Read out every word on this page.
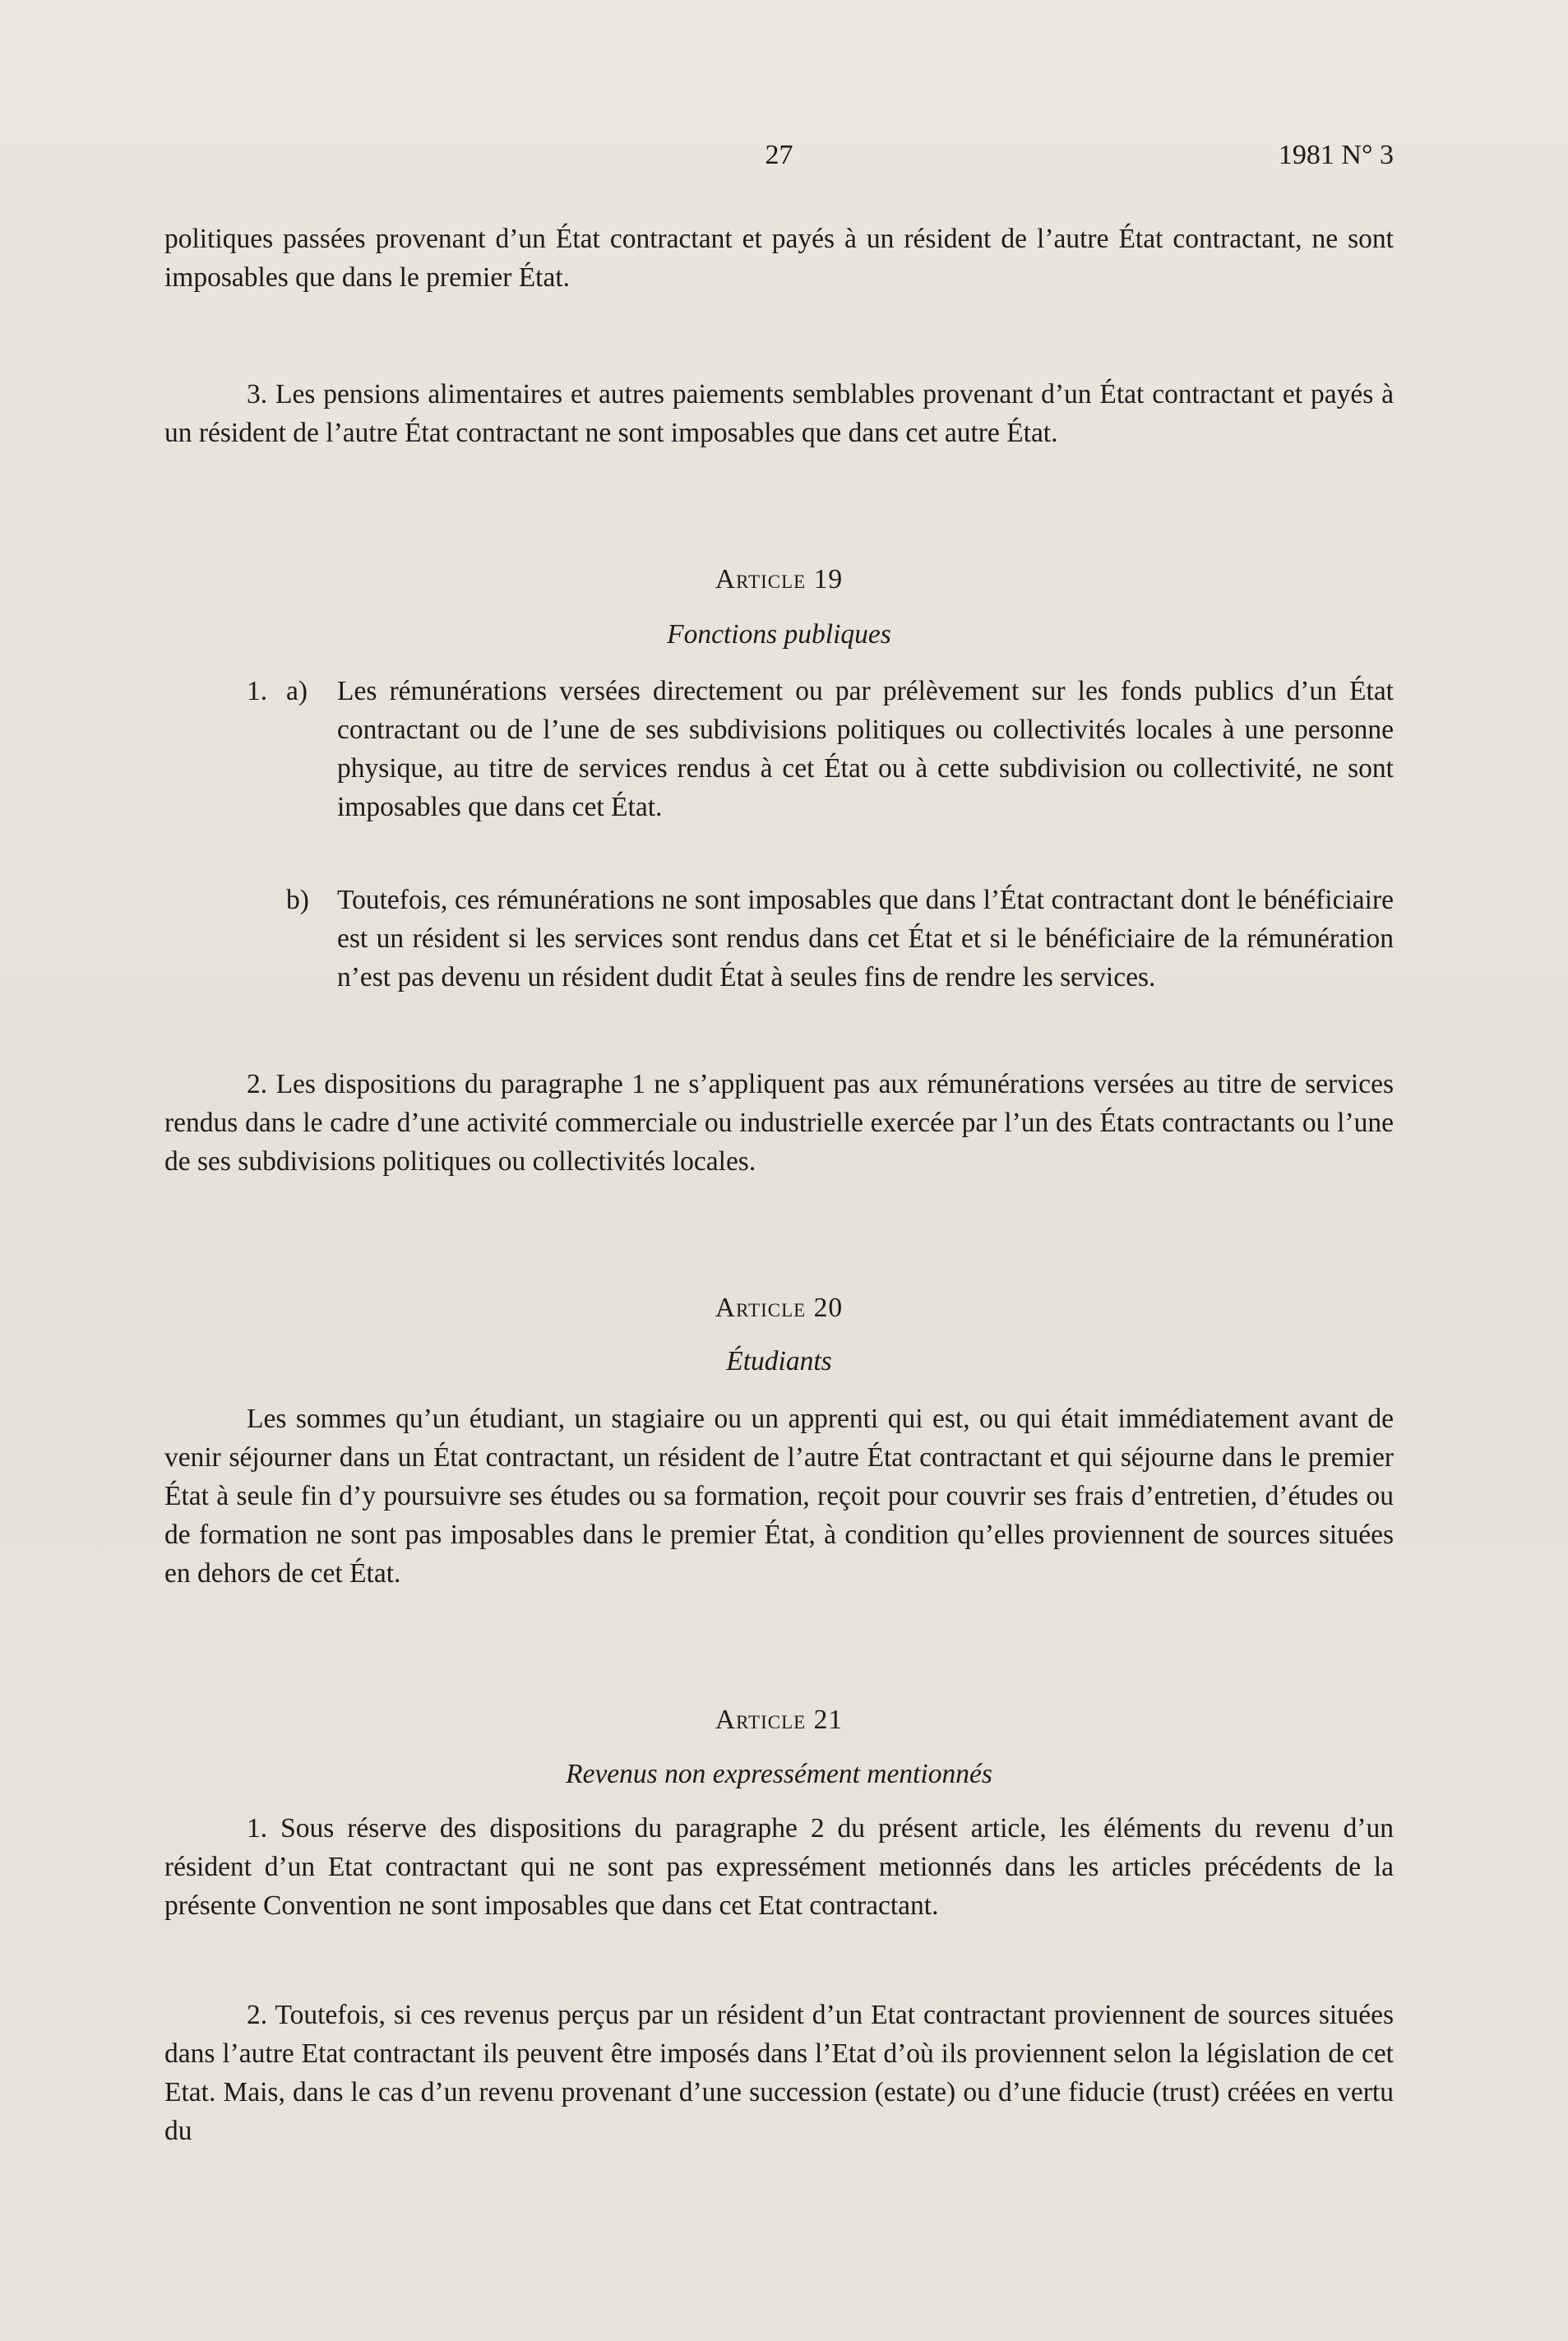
27	1981 N° 3
politiques passées provenant d’un État contractant et payés à un résident de l’autre État contractant, ne sont imposables que dans le premier État.
3. Les pensions alimentaires et autres paiements semblables provenant d’un État contractant et payés à un résident de l’autre État contractant ne sont imposables que dans cet autre État.
Article 19
Fonctions publiques
1. a) Les rémunérations versées directement ou par prélèvement sur les fonds publics d’un État contractant ou de l’une de ses subdivisions politiques ou collectivités locales à une personne physique, au titre de services rendus à cet État ou à cette subdivision ou collectivité, ne sont imposables que dans cet État.
b) Toutefois, ces rémunérations ne sont imposables que dans l’État contractant dont le bénéficiaire est un résident si les services sont rendus dans cet État et si le bénéficiaire de la rémunération n’est pas devenu un résident dudit État à seules fins de rendre les services.
2. Les dispositions du paragraphe 1 ne s’appliquent pas aux rémunérations versées au titre de services rendus dans le cadre d’une activité commerciale ou industrielle exercée par l’un des États contractants ou l’une de ses subdivisions politiques ou collectivités locales.
Article 20
Étudiants
Les sommes qu’un étudiant, un stagiaire ou un apprenti qui est, ou qui était immédiatement avant de venir séjourner dans un État contractant, un résident de l’autre État contractant et qui séjourne dans le premier État à seule fin d’y poursuivre ses études ou sa formation, reçoit pour couvrir ses frais d’entretien, d’études ou de formation ne sont pas imposables dans le premier État, à condition qu’elles proviennent de sources situées en dehors de cet État.
Article 21
Revenus non expressément mentionnés
1. Sous réserve des dispositions du paragraphe 2 du présent article, les éléments du revenu d’un résident d’un Etat contractant qui ne sont pas expressément metionnés dans les articles précédents de la présente Convention ne sont imposables que dans cet Etat contractant.
2. Toutefois, si ces revenus perçus par un résident d’un Etat contractant proviennent de sources situées dans l’autre Etat contractant ils peuvent être imposés dans l’Etat d’où ils proviennent selon la législation de cet Etat. Mais, dans le cas d’un revenu provenant d’une succession (estate) ou d’une fiducie (trust) créées en vertu du
